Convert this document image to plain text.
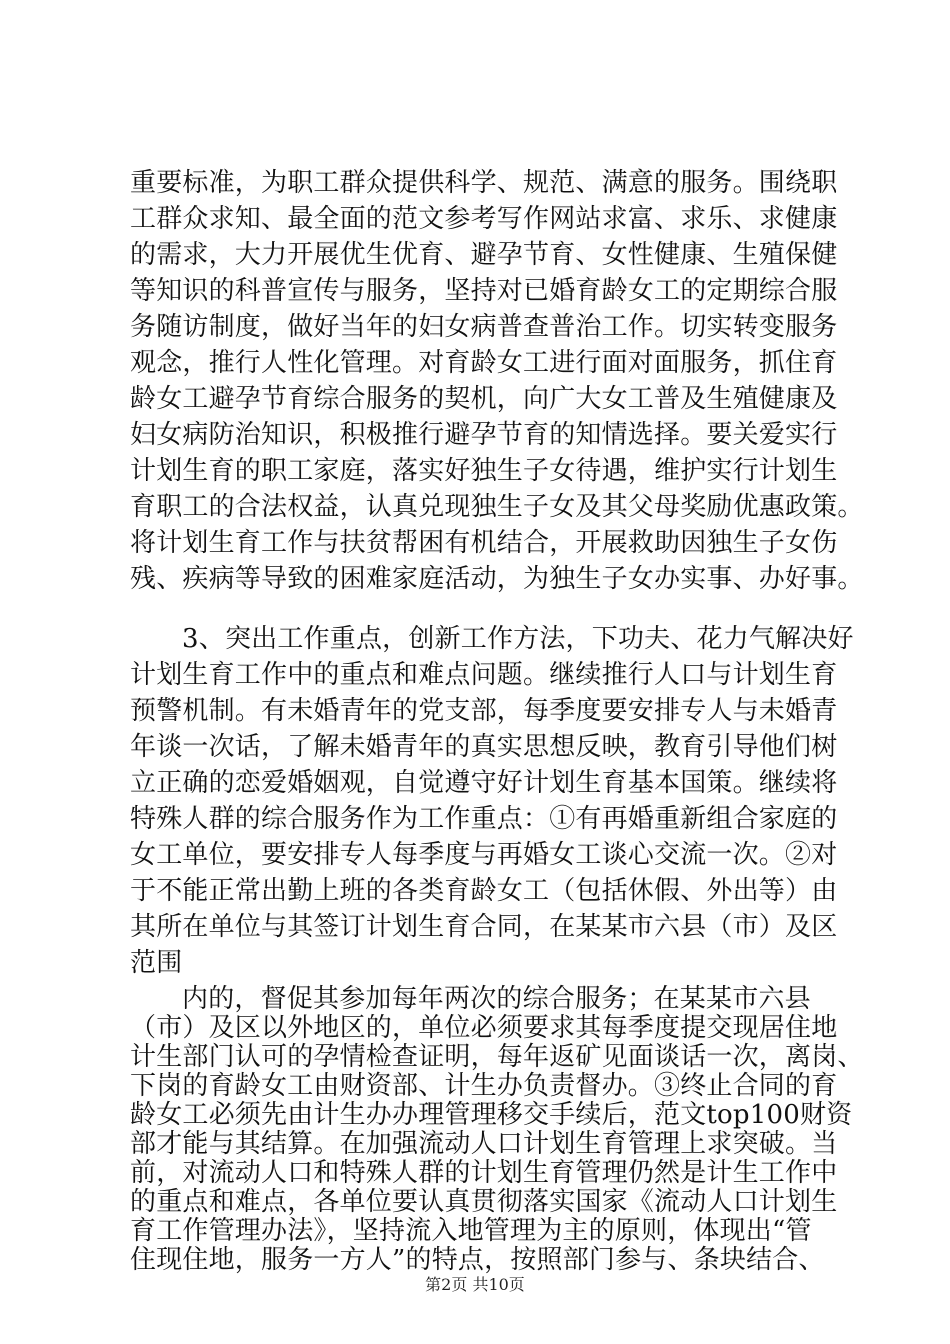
重要标准，为职工群众提供科学、规范、满意的服务。围绕职
工群众求知、最全面的范文参考写作网站求富、求乐、求健康
的需求，大力开展优生优育、避孕节育、女性健康、生殖保健
等知识的科普宣传与服务，坚持对已婚育龄女工的定期综合服
务随访制度，做好当年的妇女病普查普治工作。切实转变服务
观念，推行人性化管理。对育龄女工进行面对面服务，抓住育
龄女工避孕节育综合服务的契机，向广大女工普及生殖健康及
妇女病防治知识，积极推行避孕节育的知情选择。要关爱实行
计划生育的职工家庭，落实好独生子女待遇，维护实行计划生
育职工的合法权益，认真兑现独生子女及其父母奖励优惠政策。
将计划生育工作与扶贫帮困有机结合，开展救助因独生子女伤
残、疾病等导致的困难家庭活动，为独生子女办实事、办好事。
3、突出工作重点，创新工作方法，下功夫、花力气解决好
计划生育工作中的重点和难点问题。继续推行人口与计划生育
预警机制。有未婚青年的党支部，每季度要安排专人与未婚青
年谈一次话，了解未婚青年的真实思想反映，教育引导他们树
立正确的恋爱婚姻观，自觉遵守好计划生育基本国策。继续将
特殊人群的综合服务作为工作重点：①有再婚重新组合家庭的
女工单位，要安排专人每季度与再婚女工谈心交流一次。②对
于不能正常出勤上班的各类育龄女工（包括休假、外出等）由
其所在单位与其签订计划生育合同，在某某市六县（市）及区
范围
内的，督促其参加每年两次的综合服务；在某某市六县
（市）及区以外地区的，单位必须要求其每季度提交现居住地
计生部门认可的孕情检查证明，每年返矿见面谈话一次，离岗、
下岗的育龄女工由财资部、计生办负责督办。③终止合同的育
龄女工必须先由计生办办理管理移交手续后，范文top100财资
部才能与其结算。在加强流动人口计划生育管理上求突破。当
前，对流动人口和特殊人群的计划生育管理仍然是计生工作中
的重点和难点，各单位要认真贯彻落实国家《流动人口计划生
育工作管理办法》，坚持流入地管理为主的原则，体现出“管
住现住地，服务一方人”的特点，按照部门参与、条块结合、
第2页 共10页
